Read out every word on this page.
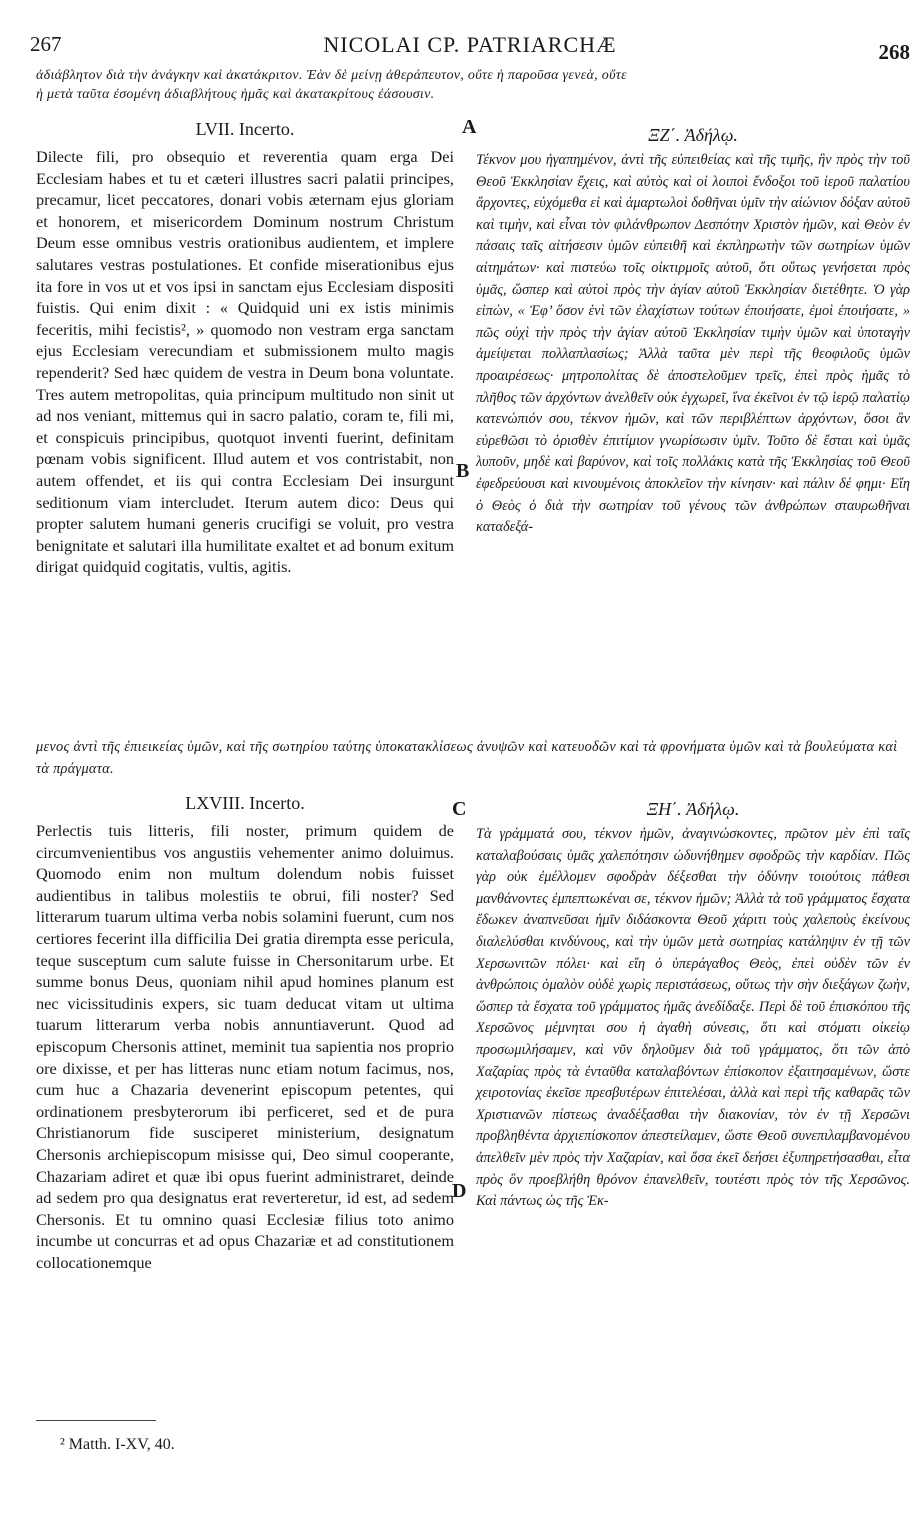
267	NICOLAI CP. PATRIARCHÆ	268
ἀδιάβλητον διὰ τὴν ἀνάγκην καὶ ἀκατάκριτον. Ἐὰν δὲ μείνῃ ἀθεράπευτον, οὔτε ἡ παροῦσα γενεὰ, οὔτε
ἡ μετὰ ταῦτα ἐσομένη ἀδιαβλήτους ἡμᾶς καὶ ἀκατακρίτους ἐάσουσιν.
LVII. Incerto.

Dilecte fili, pro obsequio et reverentia quam erga Dei Ecclesiam habes et tu et cæteri illustres sacri palatii principes, precamur, licet peccatores, donari vobis æternam ejus gloriam et honorem, et misericordem Dominum nostrum Christum Deum esse omnibus vestris orationibus audientem, et implere salutares vestras postulationes. Et confide miserationibus ejus ita fore in vos ut et vos ipsi in sanctam ejus Ecclesiam dispositi fuistis. Qui enim dixit : « Quidquid uni ex istis minimis feceritis, mihi fecistis², » quomodo non vestram erga sanctam ejus Ecclesiam verecundiam et submissionem multo magis rependerit? Sed hæc quidem de vestra in Deum bona voluntate. Tres autem metropolitas, quia principum multitudo non sinit ut ad nos veniant, mittemus qui in sacro palatio, coram te, fili mi, et conspicuis principibus, quotquot inventi fuerint, definitam pœnam vobis significent. Illud autem et vos contristabit, non autem offendet, et iis qui contra Ecclesiam Dei insurgunt seditionum viam intercludet. Iterum autem dico: Deus qui propter salutem humani generis crucifigi se voluit, pro vestra benignitate et salutari illa humilitate exaltet et ad bonum exitum dirigat quidquid cogitatis, vultis, agitis.

ΞΖ΄. Ἀδήλῳ.

Τέκνον μου ἠγαπημένον, ἀντὶ τῆς εὐπειθείας καὶ τῆς τιμῆς, ἣν πρὸς τὴν τοῦ Θεοῦ Ἐκκλησίαν ἔχεις, καὶ αὐτὸς καὶ οἱ λοιποὶ ἔνδοξοι τοῦ ἱεροῦ παλατίου ἄρχοντες, εὐχόμεθα εἰ καὶ ἁμαρτωλοὶ δοθῆναι ὑμῖν τὴν αἰώνιον δόξαν αὐτοῦ καὶ τιμὴν, καὶ εἶναι τὸν φιλάνθρωπον Δεσπότην Χριστὸν ἡμῶν, καὶ Θεὸν ἐν πάσαις ταῖς αἰτήσεσιν ὑμῶν εὐπειθῆ καὶ ἐκπληρωτὴν τῶν σωτηρίων ὑμῶν αἰτημάτων· καὶ πιστεύω τοῖς οἰκτιρμοῖς αὐτοῦ, ὅτι οὕτως γενήσεται πρὸς ὑμᾶς, ὥσπερ καὶ αὐτοὶ πρὸς τὴν ἁγίαν αὐτοῦ Ἐκκλησίαν διετέθητε. Ὁ γὰρ εἰπὼν, « Ἐφ’ ὅσον ἑνὶ τῶν ἐλαχίστων τούτων ἐποιήσατε, ἐμοὶ ἐποιήσατε, » πῶς οὐχὶ τὴν πρὸς τὴν ἁγίαν αὐτοῦ Ἐκκλησίαν τιμὴν ὑμῶν καὶ ὑποταγὴν ἀμείψεται πολλαπλασίως; Ἀλλὰ ταῦτα μὲν περὶ τῆς θεοφιλοῦς ὑμῶν προαιρέσεως· μητροπολίτας δὲ ἀποστελοῦμεν τρεῖς, ἐπεὶ πρὸς ἡμᾶς τὸ πλῆθος τῶν ἀρχόντων ἀνελθεῖν οὐκ ἐγχωρεῖ, ἵνα ἐκεῖνοι ἐν τῷ ἱερῷ παλατίῳ κατενώπιόν σου, τέκνον ἡμῶν, καὶ τῶν περιβλέπτων ἀρχόντων, ὅσοι ἂν εὑρεθῶσι τὸ ὁρισθὲν ἐπιτίμιον γνωρίσωσιν ὑμῖν. Τοῦτο δὲ ἔσται καὶ ὑμᾶς λυποῦν, μηδὲ καὶ βαρύνον, καὶ τοῖς πολλάκις κατὰ τῆς Ἐκκλησίας τοῦ Θεοῦ ἐφεδρεύουσι καὶ κινουμένοις ἀποκλεῖον τὴν κίνησιν· καὶ πάλιν δέ φημι· Εἴη ὁ Θεὸς ὁ διὰ τὴν σωτηρίαν τοῦ γένους τῶν ἀνθρώπων σταυρωθῆναι καταδεξά-

μενος ἀντὶ τῆς ἐπιεικείας ὑμῶν, καὶ τῆς σωτηρίου ταύτης ὑποκατακλίσεως ἀνυψῶν καὶ κατευοδῶν καὶ τὰ φρονήματα ὑμῶν καὶ τὰ βουλεύματα καὶ τὰ πράγματα.
LXVIII. Incerto.

Perlectis tuis litteris, fili noster, primum quidem de circumvenientibus vos angustiis vehementer animo doluimus. Quomodo enim non multum dolendum nobis fuisset audientibus in talibus molestiis te obrui, fili noster? Sed litterarum tuarum ultima verba nobis solamini fuerunt, cum nos certiores fecerint illa difficilia Dei gratia dirempta esse pericula, teque susceptum cum salute fuisse in Chersonitarum urbe. Et summe bonus Deus, quoniam nihil apud homines planum est nec vicissitudinis expers, sic tuam deducat vitam ut ultima tuarum litterarum verba nobis annuntiaverunt. Quod ad episcopum Chersonis attinet, meminit tua sapientia nos proprio ore dixisse, et per has litteras nunc etiam notum facimus, nos, cum huc a Chazaria devenerint episcopum petentes, qui ordinationem presbyterorum ibi perficeret, sed et de pura Christianorum fide susciperet ministerium, designatum Chersonis archiepiscopum misisse qui, Deo simul cooperante, Chazariam adiret et quæ ibi opus fuerint administraret, deinde ad sedem pro qua designatus erat reverteretur, id est, ad sedem Chersonis. Et tu omnino quasi Ecclesiæ filius toto animo incumbe ut concurras et ad opus Chazariæ et ad constitutionem collocationemque

ΞΗ΄. Ἀδήλῳ.

Τὰ γράμματά σου, τέκνον ἡμῶν, ἀναγινώσκοντες, πρῶτον μὲν ἐπὶ ταῖς καταλαβούσαις ὑμᾶς χαλεπότησιν ὠδυνήθημεν σφοδρῶς τὴν καρδίαν. Πῶς γὰρ οὐκ ἐμέλλομεν σφοδρὰν δέξεσθαι τὴν ὀδύνην τοιούτοις πάθεσι μανθάνοντες ἐμπεπτωκέναι σε, τέκνον ἡμῶν; Ἀλλὰ τὰ τοῦ γράμματος ἔσχατα ἔδωκεν ἀναπνεῦσαι ἡμῖν διδάσκοντα Θεοῦ χάριτι τοὺς χαλεποὺς ἐκείνους διαλελύσθαι κινδύνους, καὶ τὴν ὑμῶν μετὰ σωτηρίας κατάληψιν ἐν τῇ τῶν Χερσωνιτῶν πόλει· καὶ εἴη ὁ ὑπεράγαθος Θεὸς, ἐπεὶ οὐδὲν τῶν ἐν ἀνθρώποις ὁμαλὸν οὐδὲ χωρὶς περιστάσεως, οὕτως τὴν σὴν διεξάγων ζωὴν, ὥσπερ τὰ ἔσχατα τοῦ γράμματος ἡμᾶς ἀνεδίδαξε. Περὶ δὲ τοῦ ἐπισκόπου τῆς Χερσῶνος μέμνηται σου ἡ ἀγαθὴ σύνεσις, ὅτι καὶ στόματι οἰκείῳ προσωμιλήσαμεν, καὶ νῦν δηλοῦμεν διὰ τοῦ γράμματος, ὅτι τῶν ἀπὸ Χαζαρίας πρὸς τὰ ἐνταῦθα καταλαβόντων ἐπίσκοπον ἐξαιτησαμένων, ὥστε χειροτονίας ἐκεῖσε πρεσβυτέρων ἐπιτελέσαι, ἀλλὰ καὶ περὶ τῆς καθαρᾶς τῶν Χριστιανῶν πίστεως ἀναδέξασθαι τὴν διακονίαν, τὸν ἐν τῇ Χερσῶνι προβληθέντα ἀρχιεπίσκοπον ἀπεστείλαμεν, ὥστε Θεοῦ συνεπιλαμβανομένου ἀπελθεῖν μὲν πρὸς τὴν Χαζαρίαν, καὶ ὅσα ἐκεῖ δεήσει ἐξυπηρετήσασθαι, εἶτα πρὸς ὃν προεβλήθη θρόνον ἐπανελθεῖν, τουτέστι πρὸς τὸν τῆς Χερσῶνος. Καὶ πάντως ὡς τῆς Ἐκ-

A
B
C
D
² Matth. I-XV, 40.
